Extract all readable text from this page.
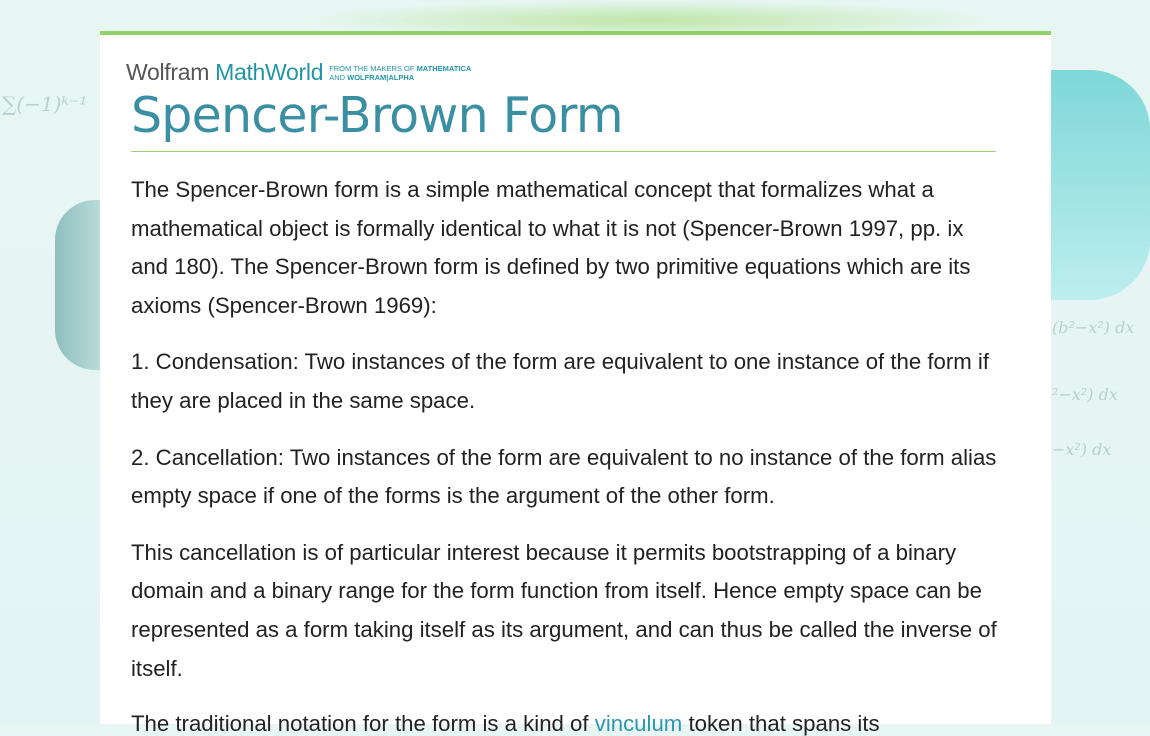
∑(−1)ᵏ⁻¹
(b²−x²) dx
²−x²) dx
−x²) dx
Wolfram MathWorld FROM THE MAKERS OF MATHEMATICA
AND WOLFRAM|ALPHA
Spencer-Brown Form

The Spencer-Brown form is a simple mathematical concept that formalizes what a mathematical object is formally identical to what it is not (Spencer-Brown 1997, pp. ix and 180). The Spencer-Brown form is defined by two primitive equations which are its axioms (Spencer-Brown 1969):

1. Condensation: Two instances of the form are equivalent to one instance of the form if they are placed in the same space.

2. Cancellation: Two instances of the form are equivalent to no instance of the form alias empty space if one of the forms is the argument of the other form.

This cancellation is of particular interest because it permits bootstrapping of a binary domain and a binary range for the form function from itself. Hence empty space can be represented as a form taking itself as its argument, and can thus be called the inverse of itself.

The traditional notation for the form is a kind of vinculum token that spans its
